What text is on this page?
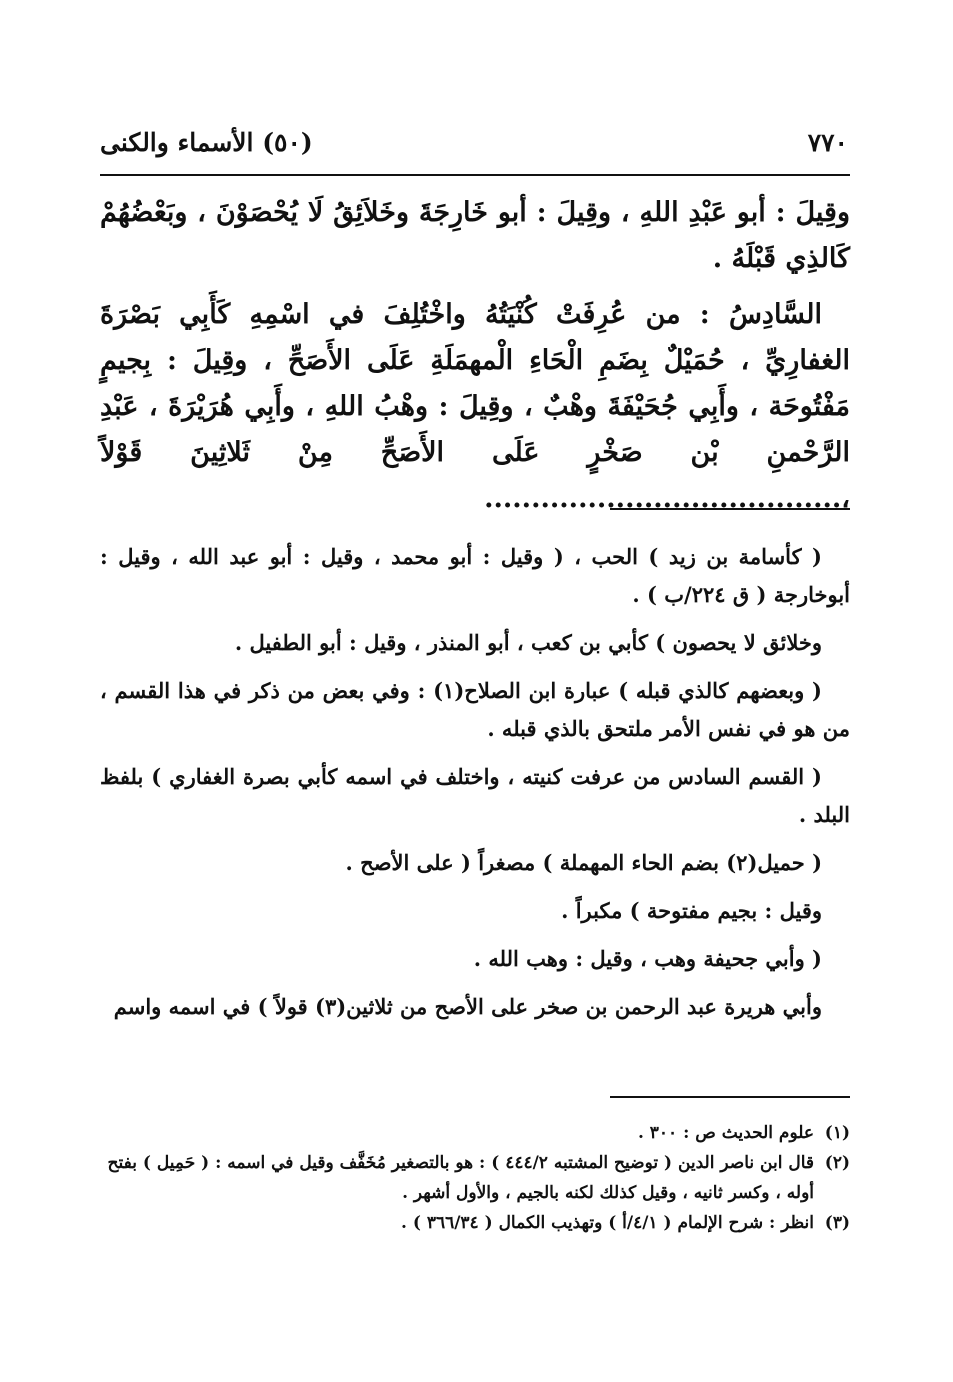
٧٧٠
(٥٠) الأسماء والكنى

وقِيلَ : أبو عَبْدِ اللهِ ، وقِيلَ : أبو خَارِجَةَ وخَلاَئِقُ لَا يُحْصَوْنَ ، وبَعْضُهُمْ كَالذِي قَبْلَهُ .

السَّادِسُ : من عُرِفَتْ كُنْيَتُهُ واخْتُلِفَ في اسْمِهِ كَأَبِي بَصْرَةَ الغفارِيِّ ، حُمَيْلٌ بِضَمِ الْحَاءِ الْمهمَلَةِ عَلَى الأَصَحِّ ، وقِيلَ : بِجيمٍ مَفْتُوحَة ، وأَبِي جُحَيْفَةَ وهْبٌ ، وقِيلَ : وهْبُ اللهِ ، وأَبِي هُرَيْرَةَ ، عَبْدِ الرَّحْمنِ بْن صَخْرٍ عَلَى الأَصَحِّ مِنْ ثَلاثِينَ قَوْلاً ،......................................

( كأسامة بن زيد ) الحب ، ( وقيل : أبو محمد ، وقيل : أبو عبد الله ، وقيل : أبوخارجة ( ق ٢٢٤/ب ) .

وخلائق لا يحصون ) كأبي بن كعب ، أبو المنذر ، وقيل : أبو الطفيل .

( وبعضهم كالذي قبله ) عبارة ابن الصلاح(١) : وفي بعض من ذكر في هذا القسم ، من هو في نفس الأمر ملتحق بالذي قبله .

( القسم السادس من عرفت كنيته ، واختلف في اسمه كأبي بصرة الغفاري ) بلفظ البلد .

( حميل(٢) بضم الحاء المهملة ) مصغراً ( على الأصح .

وقيل : بجيم مفتوحة ) مكبراً .

( وأبي جحيفة وهب ، وقيل : وهب الله .

وأبي هريرة عبد الرحمن بن صخر على الأصح من ثلاثين(٣) قولاً ) في اسمه واسم

(١)
علوم الحديث ص : ٣٠٠ .

(٢)
قال ابن ناصر الدين ( توضيح المشتبه ٤٤٤/٢ ) : هو بالتصغير مُخَفَّف وقيل في اسمه : ( حَمِيل ) بفتح أوله ، وكسر ثانيه ، وقيل كذلك لكنه بالجيم ، والأول أشهر .

(٣)
انظر : شرح الإلمام ( ٤/١/أ ) وتهذيب الكمال ( ٣٦٦/٣٤ ) .
